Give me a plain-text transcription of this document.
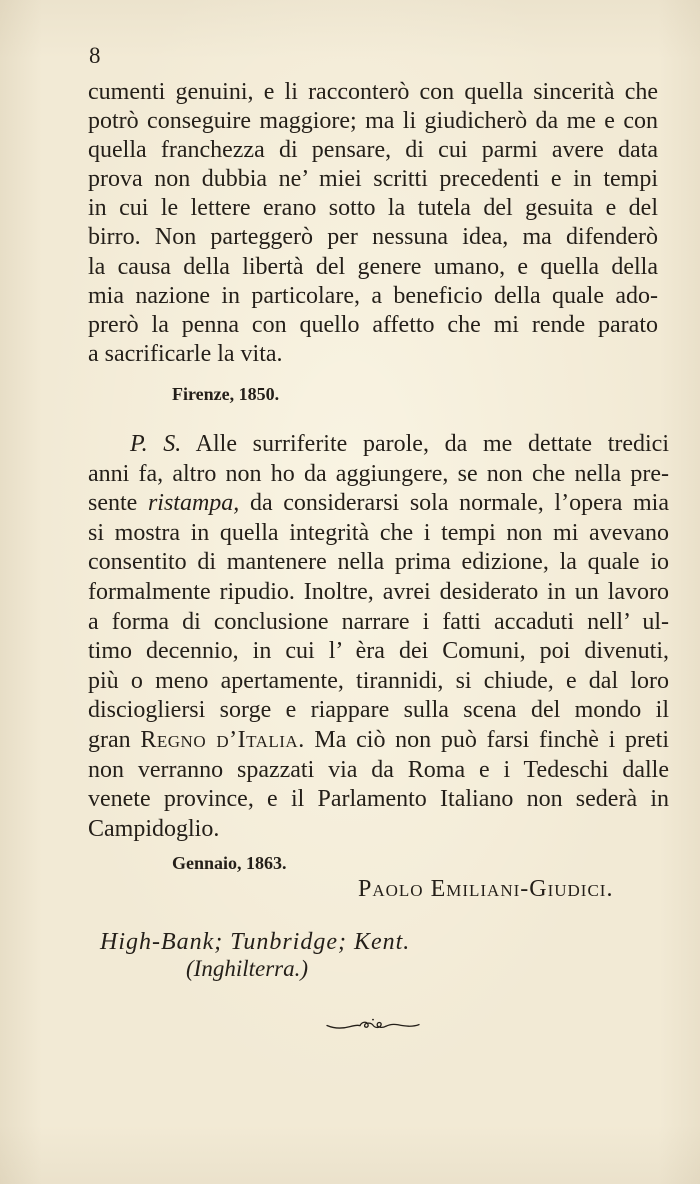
8
cumenti genuini, e li racconterò con quella sincerità che
potrò conseguire maggiore; ma li giudicherò da me e con
quella franchezza di pensare, di cui parmi avere data
prova non dubbia ne’ miei scritti precedenti e in tempi
in cui le lettere erano sotto la tutela del gesuita e del
birro. Non parteggerò per nessuna idea, ma difenderò
la causa della libertà del genere umano, e quella della
mia nazione in particolare, a beneficio della quale ado-
prerò la penna con quello affetto che mi rende parato
a sacrificarle la vita.
Firenze, 1850.
P. S. Alle surriferite parole, da me dettate tredici
anni fa, altro non ho da aggiungere, se non che nella pre-
sente ristampa, da considerarsi sola normale, l’opera mia
si mostra in quella integrità che i tempi non mi avevano
consentito di mantenere nella prima edizione, la quale io
formalmente ripudio. Inoltre, avrei desiderato in un lavoro
a forma di conclusione narrare i fatti accaduti nell’ ul-
timo decennio, in cui l’ èra dei Comuni, poi divenuti,
più o meno apertamente, tirannidi, si chiude, e dal loro
disciogliersi sorge e riappare sulla scena del mondo il
gran Regno d’Italia. Ma ciò non può farsi finchè i preti
non verranno spazzati via da Roma e i Tedeschi dalle
venete province, e il Parlamento Italiano non sederà in
Campidoglio.
Gennaio, 1863.
Paolo Emiliani-Giudici.
High-Bank; Tunbridge; Kent.
(Inghilterra.)
